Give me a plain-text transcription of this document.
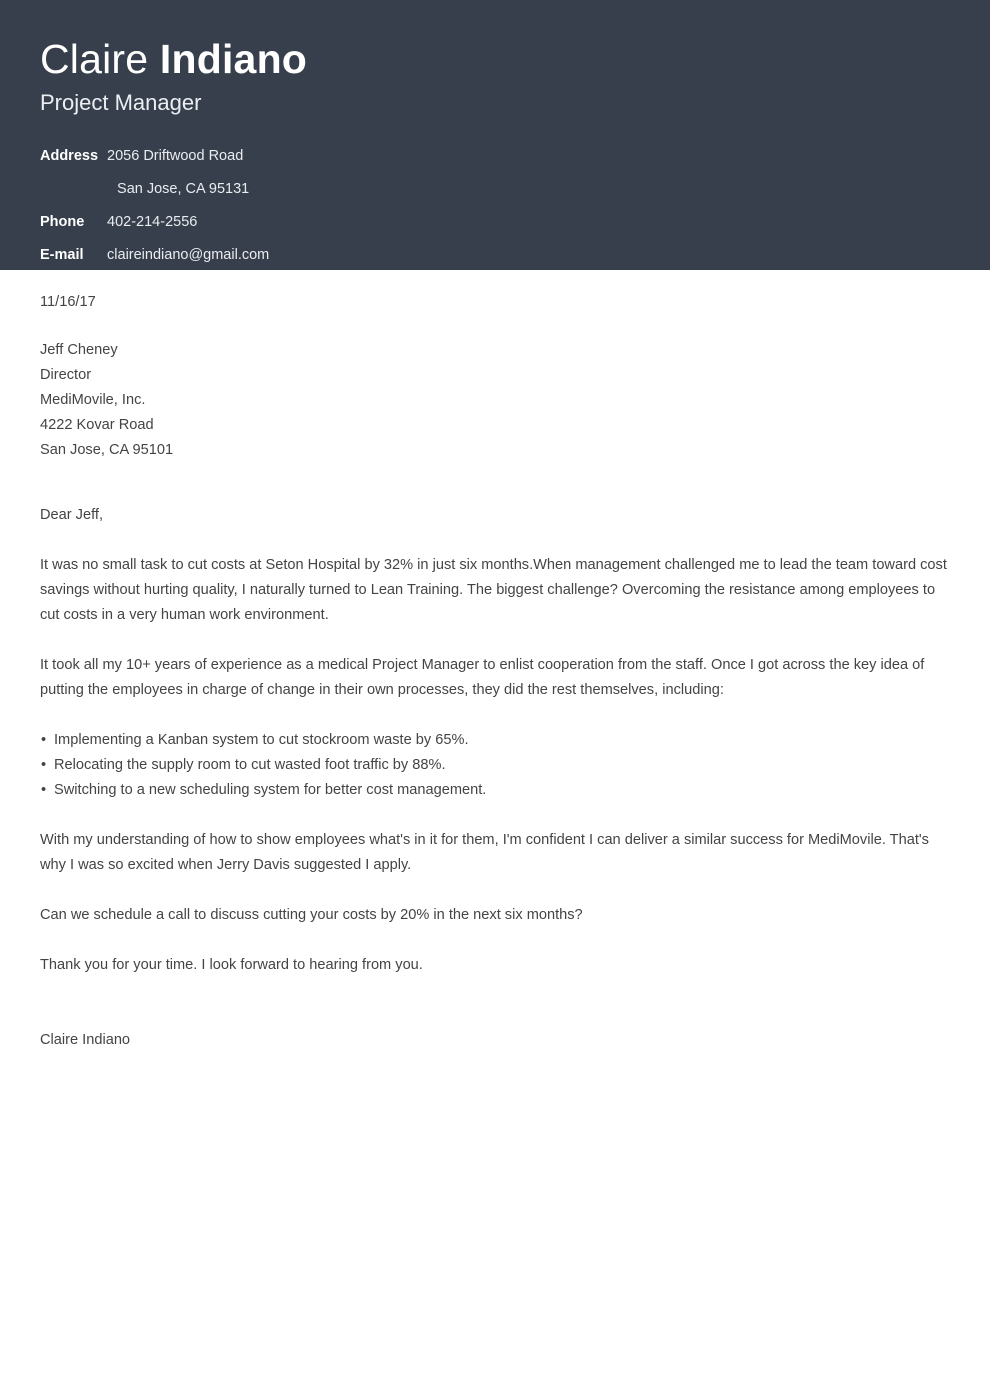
Claire Indiano
Project Manager
Address	2056 Driftwood Road
	San Jose, CA 95131
Phone	402-214-2556
E-mail	claireindiano@gmail.com

11/16/17

Jeff Cheney

Director

MediMovile, Inc.

4222 Kovar Road

San Jose, CA 95101

Dear Jeff,

It was no small task to cut costs at Seton Hospital by 32% in just six months.When management challenged me to lead the team toward cost savings without hurting quality, I naturally turned to Lean Training. The biggest challenge? Overcoming the resistance among employees to cut costs in a very human work environment.

It took all my 10+ years of experience as a medical Project Manager to enlist cooperation from the staff. Once I got across the key idea of putting the employees in charge of change in their own processes, they did the rest themselves, including:

• Implementing a Kanban system to cut stockroom waste by 65%.
• Relocating the supply room to cut wasted foot traffic by 88%.
• Switching to a new scheduling system for better cost management.

With my understanding of how to show employees what's in it for them, I'm confident I can deliver a similar success for MediMovile. That's why I was so excited when Jerry Davis suggested I apply.

Can we schedule a call to discuss cutting your costs by 20% in the next six months?

Thank you for your time. I look forward to hearing from you.

Claire Indiano
